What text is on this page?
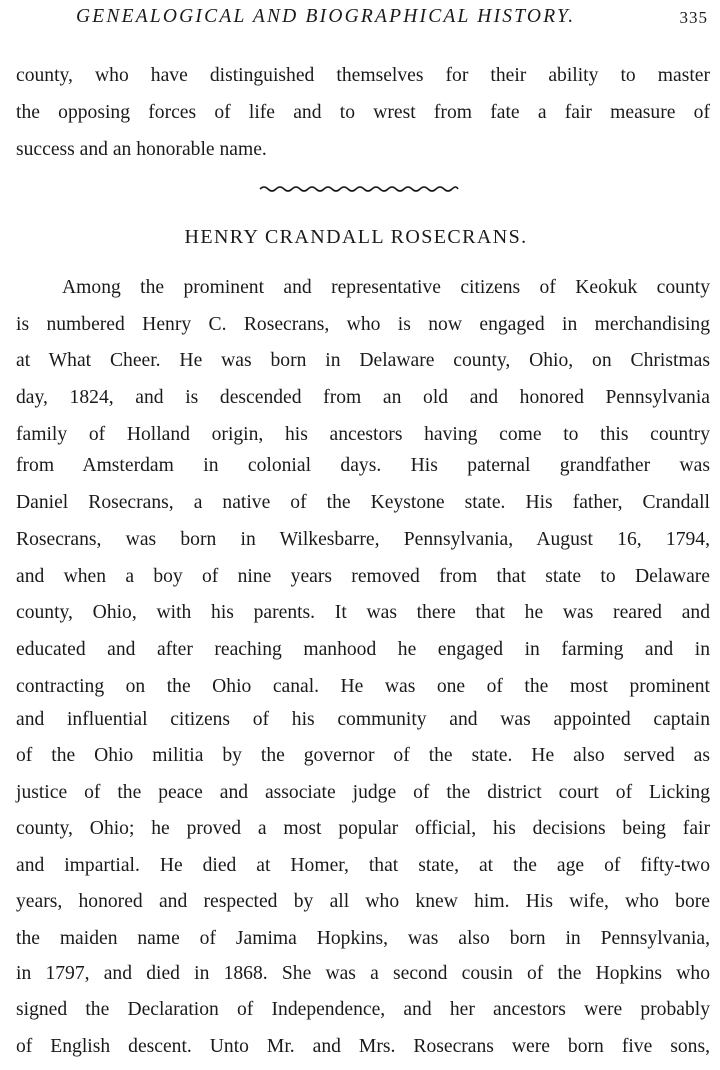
GENEALOGICAL AND BIOGRAPHICAL HISTORY.	335
county, who have distinguished themselves for their ability to master
the opposing forces of life and to wrest from fate a fair measure of
success and an honorable name.
HENRY CRANDALL ROSECRANS.
Among the prominent and representative citizens of Keokuk county
is numbered Henry C. Rosecrans, who is now engaged in merchandising
at What Cheer. He was born in Delaware county, Ohio, on Christmas
day, 1824, and is descended from an old and honored Pennsylvania
family of Holland origin, his ancestors having come to this country
from Amsterdam in colonial days. His paternal grandfather was
Daniel Rosecrans, a native of the Keystone state. His father, Crandall
Rosecrans, was born in Wilkesbarre, Pennsylvania, August 16, 1794,
and when a boy of nine years removed from that state to Delaware
county, Ohio, with his parents. It was there that he was reared and
educated and after reaching manhood he engaged in farming and in
contracting on the Ohio canal. He was one of the most prominent
and influential citizens of his community and was appointed captain
of the Ohio militia by the governor of the state. He also served as
justice of the peace and associate judge of the district court of Licking
county, Ohio; he proved a most popular official, his decisions being fair
and impartial. He died at Homer, that state, at the age of fifty-two
years, honored and respected by all who knew him. His wife, who bore
the maiden name of Jamima Hopkins, was also born in Pennsylvania,
in 1797, and died in 1868. She was a second cousin of the Hopkins who
signed the Declaration of Independence, and her ancestors were probably
of English descent. Unto Mr. and Mrs. Rosecrans were born five sons,
